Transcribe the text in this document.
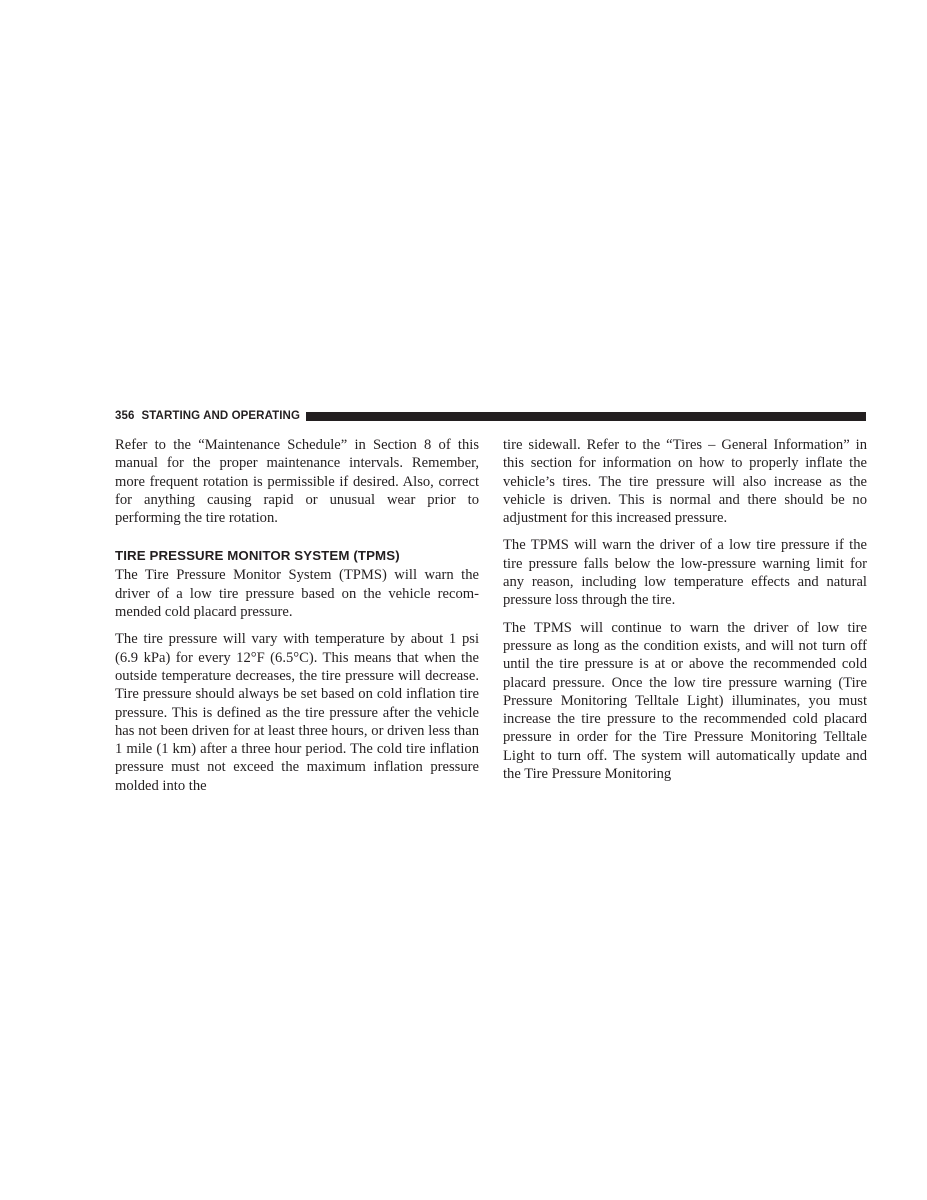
356 STARTING AND OPERATING

Refer to the “Maintenance Schedule” in Section 8 of this manual for the proper maintenance intervals. Remember, more frequent rotation is permissible if desired. Also, correct for anything causing rapid or unusual wear prior to performing the tire rotation.

TIRE PRESSURE MONITOR SYSTEM (TPMS)

The Tire Pressure Monitor System (TPMS) will warn the driver of a low tire pressure based on the vehicle recommended cold placard pressure.

The tire pressure will vary with temperature by about 1 psi (6.9 kPa) for every 12°F (6.5°C). This means that when the outside temperature decreases, the tire pressure will decrease. Tire pressure should always be set based on cold inflation tire pressure. This is defined as the tire pressure after the vehicle has not been driven for at least three hours, or driven less than 1 mile (1 km) after a three hour period. The cold tire inflation pressure must not exceed the maximum inflation pressure molded into the

tire sidewall. Refer to the “Tires – General Information” in this section for information on how to properly inflate the vehicle’s tires. The tire pressure will also increase as the vehicle is driven. This is normal and there should be no adjustment for this increased pressure.

The TPMS will warn the driver of a low tire pressure if the tire pressure falls below the low-pressure warning limit for any reason, including low temperature effects and natural pressure loss through the tire.

The TPMS will continue to warn the driver of low tire pressure as long as the condition exists, and will not turn off until the tire pressure is at or above the recommended cold placard pressure. Once the low tire pressure warning (Tire Pressure Monitoring Telltale Light) illuminates, you must increase the tire pressure to the recommended cold placard pressure in order for the Tire Pressure Monitoring Telltale Light to turn off. The system will automatically update and the Tire Pressure Monitoring
